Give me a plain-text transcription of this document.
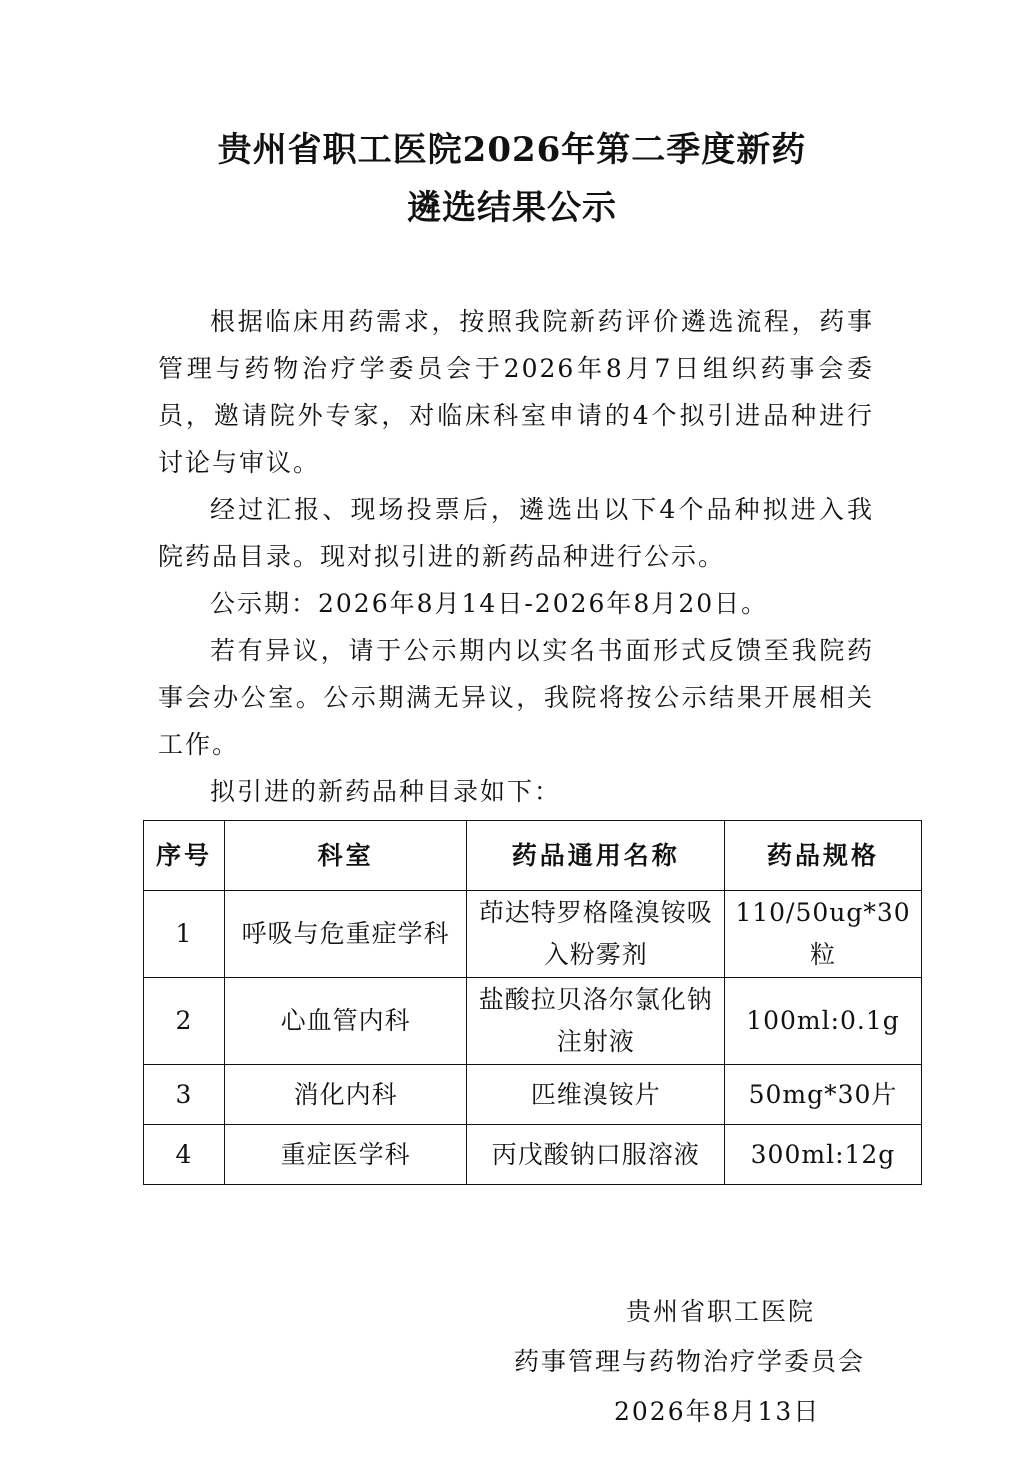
贵州省职工医院2026年第二季度新药
遴选结果公示

根据临床用药需求，按照我院新药评价遴选流程，药事管理与药物治疗学委员会于2026年8月7日组织药事会委员，邀请院外专家，对临床科室申请的4个拟引进品种进行讨论与审议。

经过汇报、现场投票后，遴选出以下4个品种拟进入我院药品目录。现对拟引进的新药品种进行公示。

公示期：2026年8月14日-2026年8月20日。

若有异议，请于公示期内以实名书面形式反馈至我院药事会办公室。公示期满无异议，我院将按公示结果开展相关工作。

拟引进的新药品种目录如下：

序号	科室	药品通用名称	药品规格
1	呼吸与危重症学科	茚达特罗格隆溴铵吸入粉雾剂	110/50ug*30粒
2	心血管内科	盐酸拉贝洛尔氯化钠注射液	100ml:0.1g
3	消化内科	匹维溴铵片	50mg*30片
4	重症医学科	丙戊酸钠口服溶液	300ml:12g
贵州省职工医院
药事管理与药物治疗学委员会
2026年8月13日
